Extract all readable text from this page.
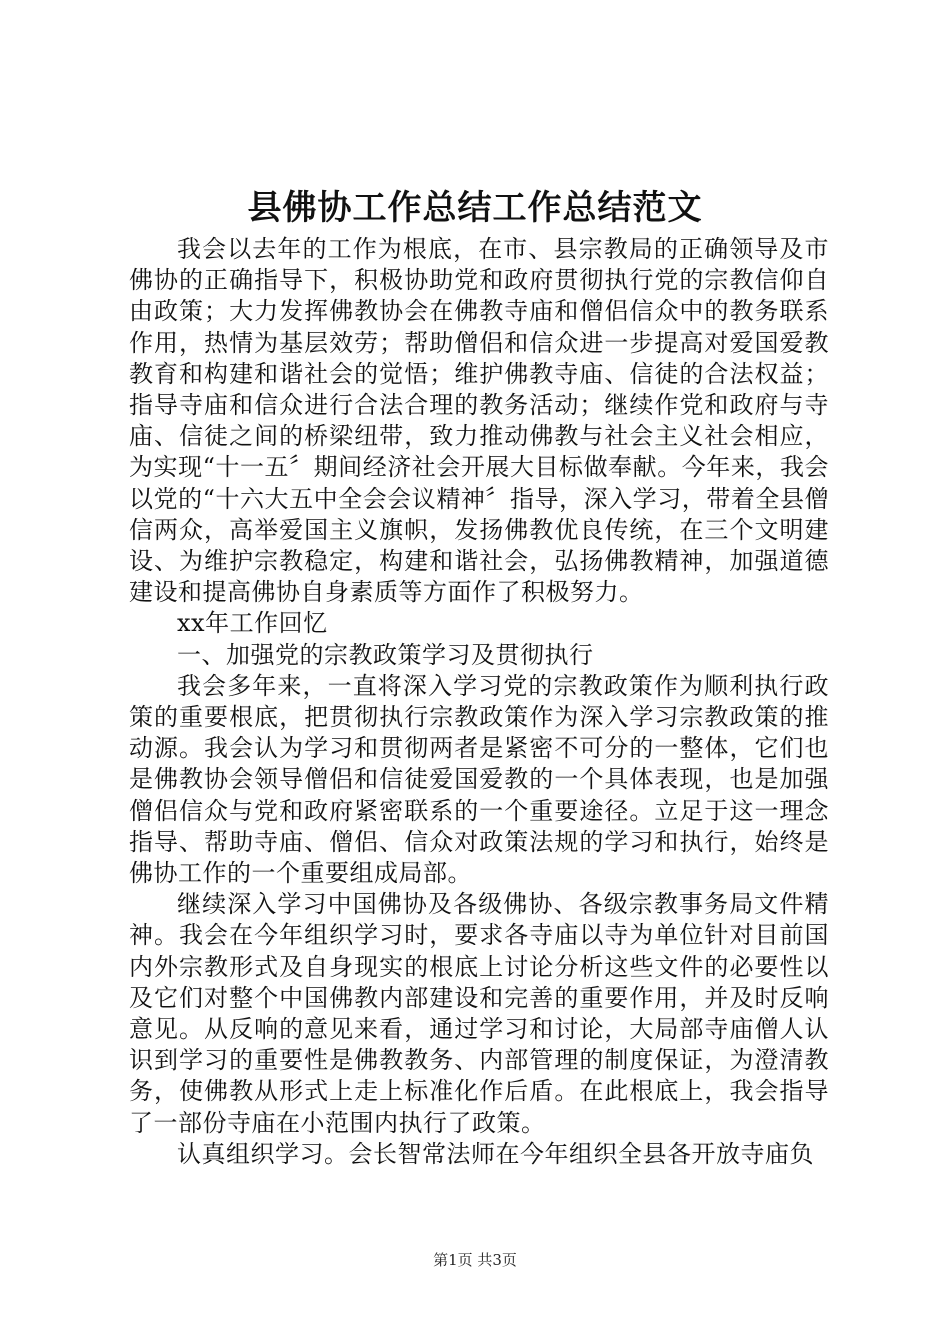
县佛协工作总结工作总结范文

我会以去年的工作为根底，在市、县宗教局的正确领导及市佛协的正确指导下，积极协助党和政府贯彻执行党的宗教信仰自由政策；大力发挥佛教协会在佛教寺庙和僧侣信众中的教务联系作用，热情为基层效劳；帮助僧侣和信众进一步提高对爱国爱教教育和构建和谐社会的觉悟；维护佛教寺庙、信徒的合法权益；指导寺庙和信众进行合法合理的教务活动；继续作党和政府与寺庙、信徒之间的桥梁纽带，致力推动佛教与社会主义社会相应，为实现“十一五〞期间经济社会开展大目标做奉献。今年来，我会以党的“十六大五中全会会议精神〞指导，深入学习，带着全县僧信两众，高举爱国主义旗帜，发扬佛教优良传统，在三个文明建设、为维护宗教稳定，构建和谐社会，弘扬佛教精神，加强道德建设和提高佛协自身素质等方面作了积极努力。

xx年工作回忆

一、加强党的宗教政策学习及贯彻执行

我会多年来，一直将深入学习党的宗教政策作为顺利执行政策的重要根底，把贯彻执行宗教政策作为深入学习宗教政策的推动源。我会认为学习和贯彻两者是紧密不可分的一整体，它们也是佛教协会领导僧侣和信徒爱国爱教的一个具体表现，也是加强僧侣信众与党和政府紧密联系的一个重要途径。立足于这一理念指导、帮助寺庙、僧侣、信众对政策法规的学习和执行，始终是佛协工作的一个重要组成局部。

继续深入学习中国佛协及各级佛协、各级宗教事务局文件精神。我会在今年组织学习时，要求各寺庙以寺为单位针对目前国内外宗教形式及自身现实的根底上讨论分析这些文件的必要性以及它们对整个中国佛教内部建设和完善的重要作用，并及时反响意见。从反响的意见来看，通过学习和讨论，大局部寺庙僧人认识到学习的重要性是佛教教务、内部管理的制度保证，为澄清教务，使佛教从形式上走上标准化作后盾。在此根底上，我会指导了一部份寺庙在小范围内执行了政策。

认真组织学习。会长智常法师在今年组织全县各开放寺庙负

第1页 共3页
